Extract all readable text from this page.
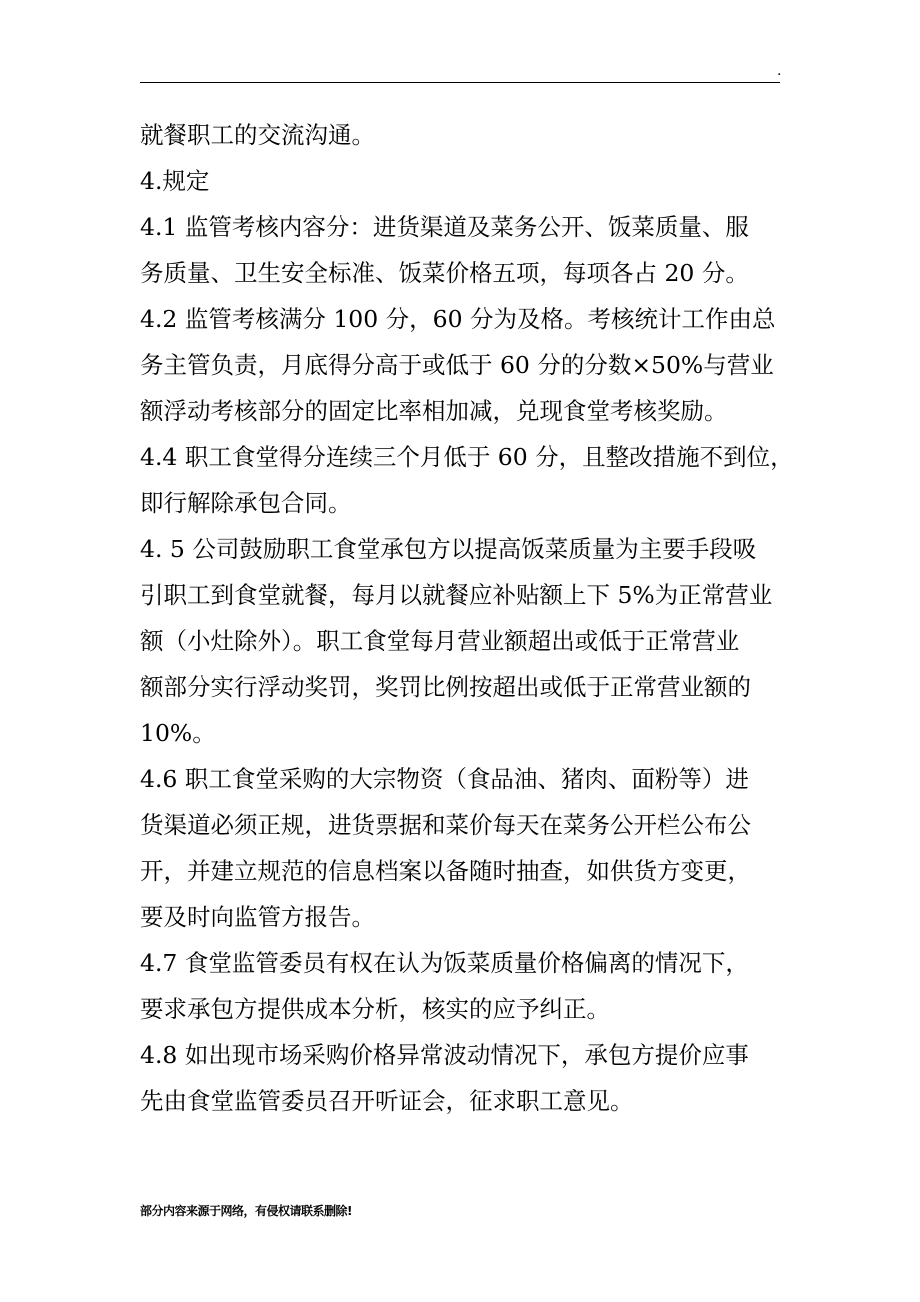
.
就餐职工的交流沟通。
4.规定
4.1 监管考核内容分：进货渠道及菜务公开、饭菜质量、服
务质量、卫生安全标准、饭菜价格五项，每项各占 20 分。
4.2 监管考核满分 100 分，60 分为及格。考核统计工作由总
务主管负责，月底得分高于或低于 60 分的分数×50%与营业
额浮动考核部分的固定比率相加减，兑现食堂考核奖励。
4.4 职工食堂得分连续三个月低于 60 分，且整改措施不到位，
即行解除承包合同。
4. 5 公司鼓励职工食堂承包方以提高饭菜质量为主要手段吸
引职工到食堂就餐，每月以就餐应补贴额上下 5%为正常营业
额（小灶除外）。职工食堂每月营业额超出或低于正常营业
额部分实行浮动奖罚，奖罚比例按超出或低于正常营业额的
10%。
4.6 职工食堂采购的大宗物资（食品油、猪肉、面粉等）进
货渠道必须正规，进货票据和菜价每天在菜务公开栏公布公
开，并建立规范的信息档案以备随时抽查，如供货方变更，
要及时向监管方报告。
4.7 食堂监管委员有权在认为饭菜质量价格偏离的情况下，
要求承包方提供成本分析，核实的应予纠正。
4.8 如出现市场采购价格异常波动情况下，承包方提价应事
先由食堂监管委员召开听证会，征求职工意见。
部分内容来源于网络，有侵权请联系删除!
